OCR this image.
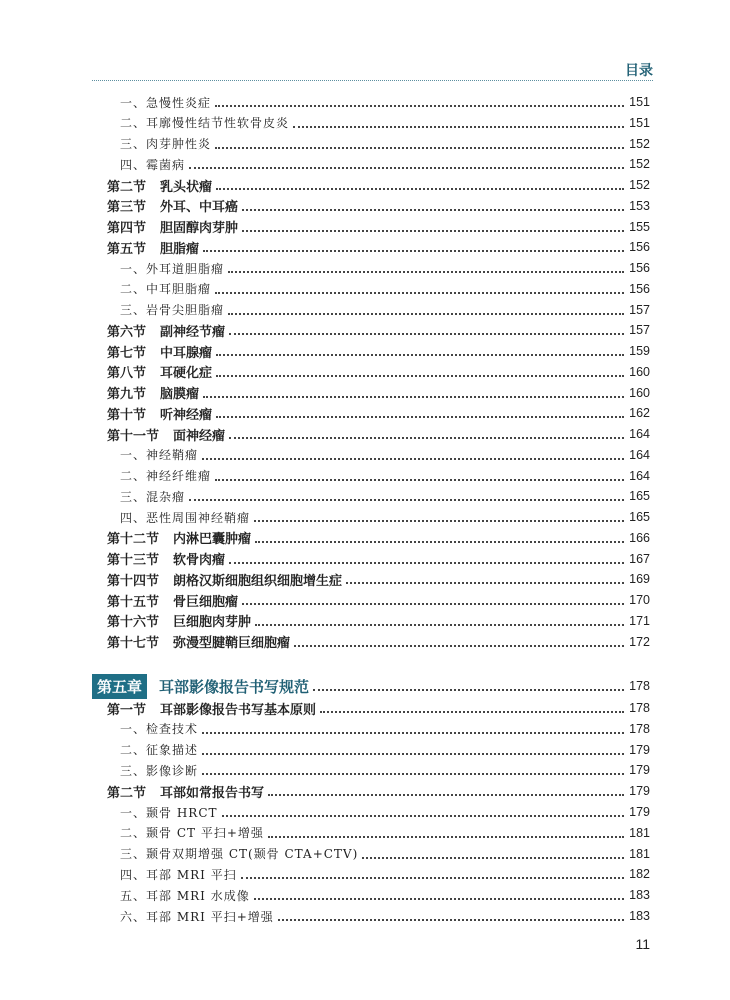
目录
一、急慢性炎症	151
二、耳廓慢性结节性软骨皮炎	151
三、肉芽肿性炎	152
四、霉菌病	152
第二节 乳头状瘤	152
第三节 外耳、中耳癌	153
第四节 胆固醇肉芽肿	155
第五节 胆脂瘤	156
一、外耳道胆脂瘤	156
二、中耳胆脂瘤	156
三、岩骨尖胆脂瘤	157
第六节 副神经节瘤	157
第七节 中耳腺瘤	159
第八节 耳硬化症	160
第九节 脑膜瘤	160
第十节 听神经瘤	162
第十一节 面神经瘤	164
一、神经鞘瘤	164
二、神经纤维瘤	164
三、混杂瘤	165
四、恶性周围神经鞘瘤	165
第十二节 内淋巴囊肿瘤	166
第十三节 软骨肉瘤	167
第十四节 朗格汉斯细胞组织细胞增生症	169
第十五节 骨巨细胞瘤	170
第十六节 巨细胞肉芽肿	171
第十七节 弥漫型腱鞘巨细胞瘤	172
第五章	耳部影像报告书写规范	178
第一节 耳部影像报告书写基本原则	178
一、检查技术	178
二、征象描述	179
三、影像诊断	179
第二节 耳部如常报告书写	179
一、颞骨 HRCT	179
二、颞骨 CT 平扫+增强	181
三、颞骨双期增强 CT(颞骨 CTA+CTV)	181
四、耳部 MRI 平扫	182
五、耳部 MRI 水成像	183
六、耳部 MRI 平扫+增强	183
11
